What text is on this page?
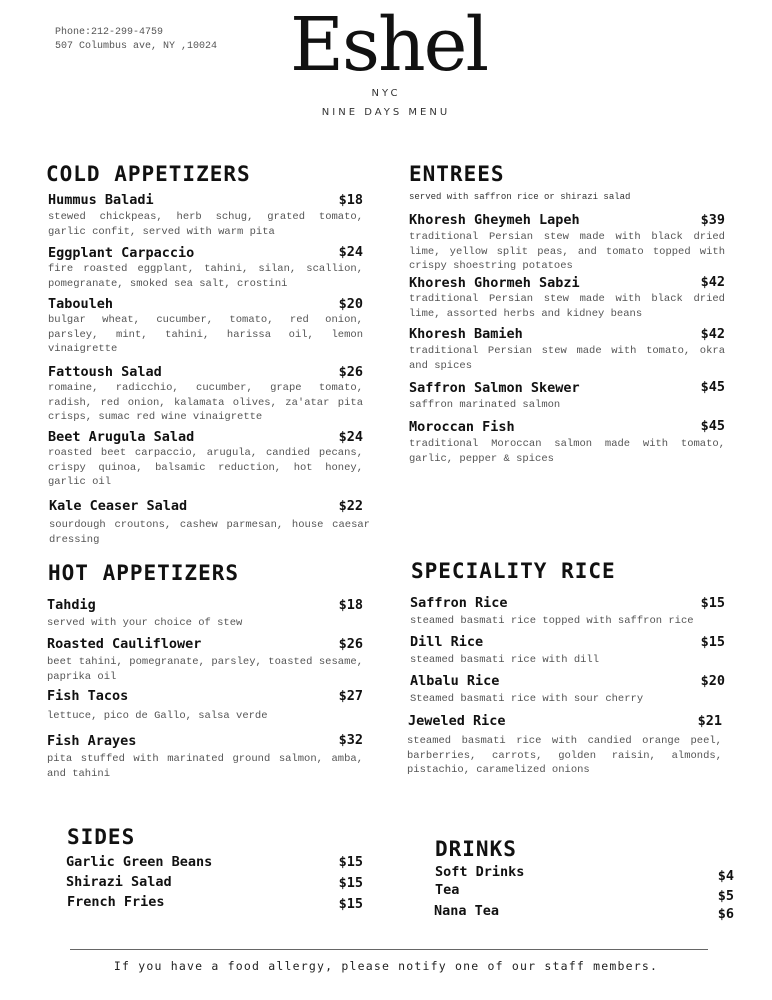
Phone:212-299-4759
507 Columbus ave, NY ,10024 Eshel
NYC
NINE DAYS MENU
COLD APPETIZERS
Hummus Baladi	$18
stewed chickpeas, herb schug, grated tomato, garlic confit, served with warm pita
Eggplant Carpaccio	$24
fire roasted eggplant, tahini, silan, scallion, pomegranate, smoked sea salt, crostini
Tabouleh	$20
bulgar wheat, cucumber, tomato, red onion, parsley, mint, tahini, harissa oil, lemon vinaigrette
Fattoush Salad	$26
romaine, radicchio, cucumber, grape tomato, radish, red onion, kalamata olives, za'atar pita crisps, sumac red wine vinaigrette
Beet Arugula Salad	$24
roasted beet carpaccio, arugula, candied pecans, crispy quinoa, balsamic reduction, hot honey, garlic oil
Kale Ceaser Salad	$22
sourdough croutons, cashew parmesan, house caesar dressing
ENTREES
served with saffron rice or shirazi salad
Khoresh Gheymeh Lapeh	$39
traditional Persian stew made with black dried lime, yellow split peas, and tomato topped with crispy shoestring potatoes
Khoresh Ghormeh Sabzi	$42
traditional Persian stew made with black dried lime, assorted herbs and kidney beans
Khoresh Bamieh	$42
traditional Persian stew made with tomato, okra and spices
Saffron Salmon Skewer	$45
saffron marinated salmon
Moroccan Fish	$45
traditional Moroccan salmon made with tomato, garlic, pepper & spices
HOT APPETIZERS
Tahdig	$18
served with your choice of stew
Roasted Cauliflower	$26
beet tahini, pomegranate, parsley, toasted sesame, paprika oil
Fish Tacos	$27
lettuce, pico de Gallo, salsa verde
Fish Arayes	$32
pita stuffed with marinated ground salmon, amba, and tahini
SPECIALITY RICE
Saffron Rice	$15
steamed basmati rice topped with saffron rice
Dill Rice	$15
steamed basmati rice with dill
Albalu Rice	$20
Steamed basmati rice with sour cherry
Jeweled Rice	$21
steamed basmati rice with candied orange peel, barberries, carrots, golden raisin, almonds, pistachio, caramelized onions
SIDES
Garlic Green Beans	$15
Shirazi Salad	$15
French Fries	$15
DRINKS
Soft Drinks	$4
Tea	$5
Nana Tea	$6
If you have a food allergy, please notify one of our staff members.
